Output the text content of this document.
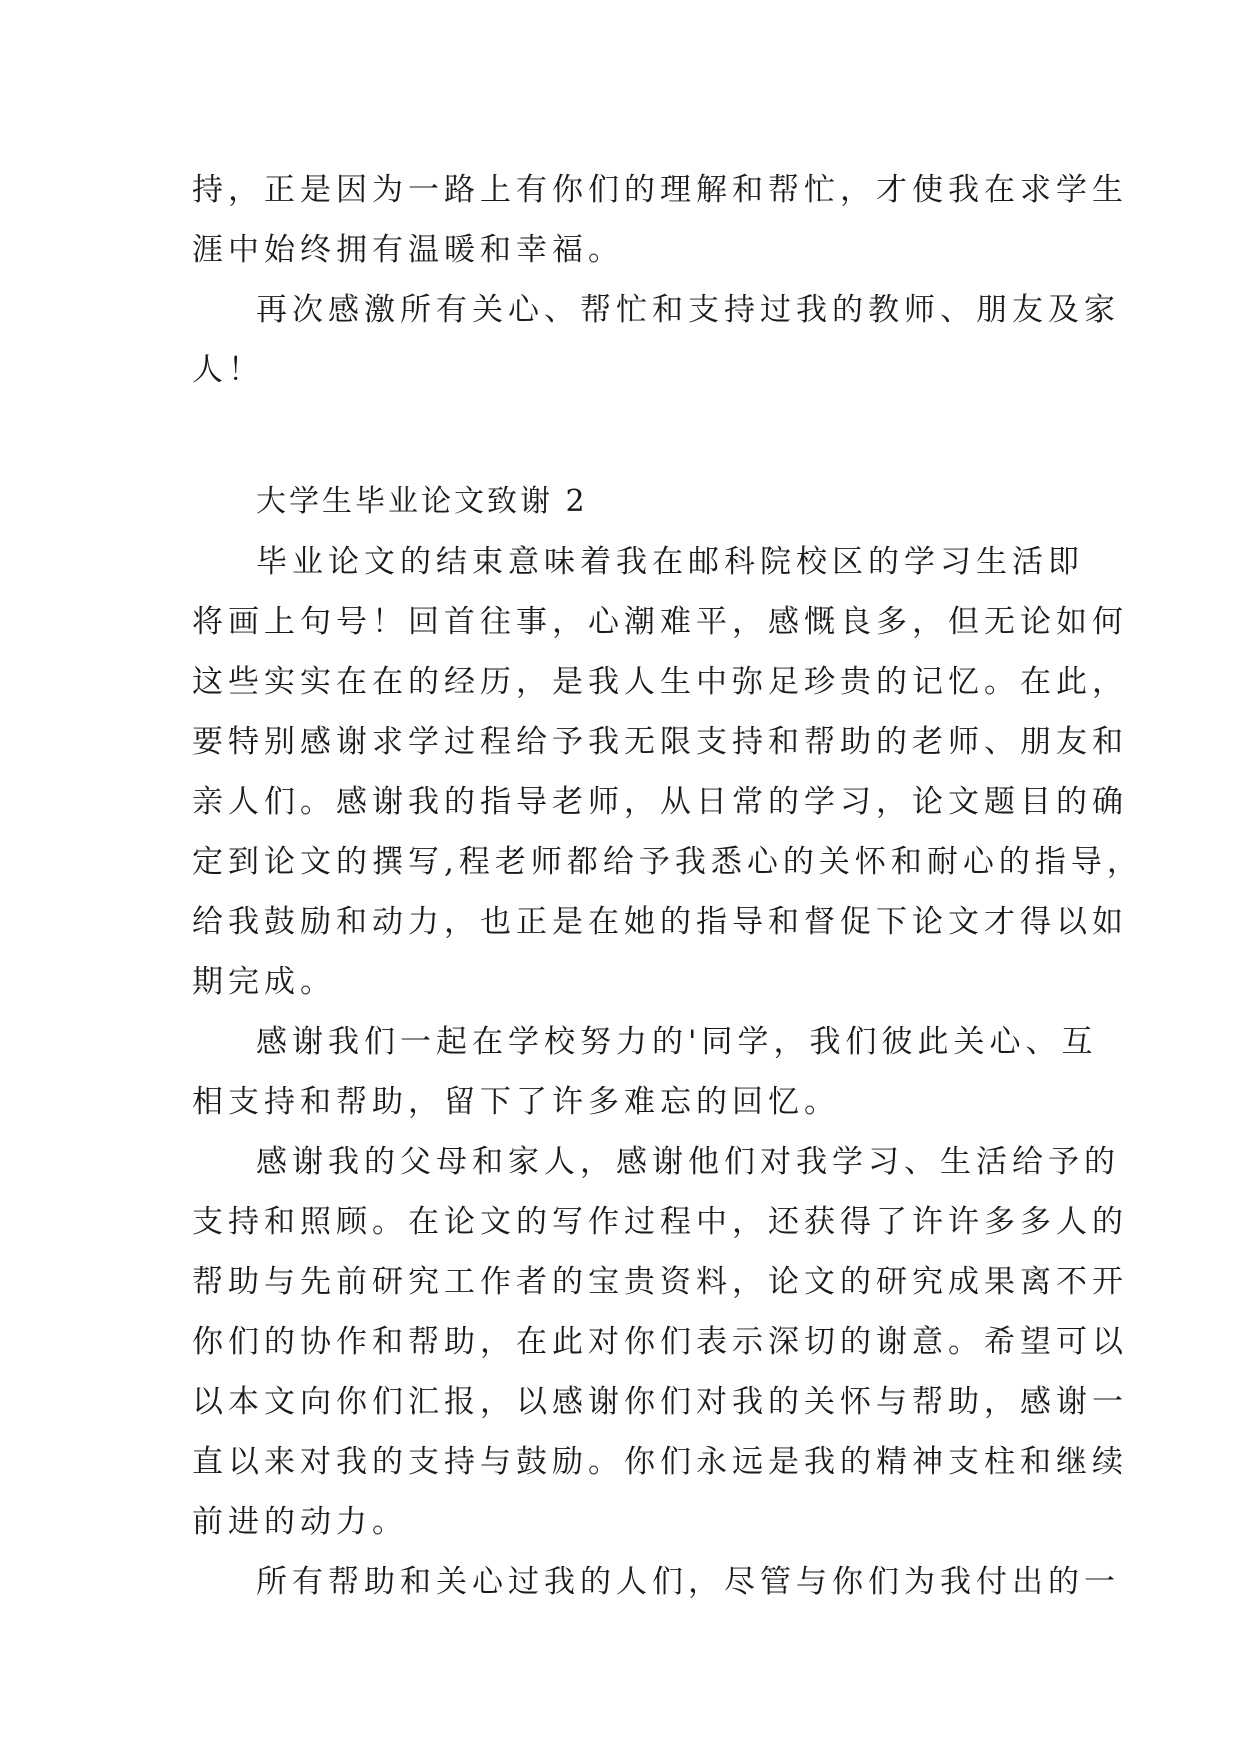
持，正是因为一路上有你们的理解和帮忙，才使我在求学生
涯中始终拥有温暖和幸福。
再次感激所有关心、帮忙和支持过我的教师、朋友及家
人！
大学生毕业论文致谢 2
毕业论文的结束意味着我在邮科院校区的学习生活即
将画上句号！回首往事，心潮难平，感慨良多，但无论如何
这些实实在在的经历，是我人生中弥足珍贵的记忆。在此，
要特别感谢求学过程给予我无限支持和帮助的老师、朋友和
亲人们。感谢我的指导老师，从日常的学习，论文题目的确
定到论文的撰写,程老师都给予我悉心的关怀和耐心的指导，
给我鼓励和动力，也正是在她的指导和督促下论文才得以如
期完成。
感谢我们一起在学校努力的'同学，我们彼此关心、互
相支持和帮助，留下了许多难忘的回忆。
感谢我的父母和家人，感谢他们对我学习、生活给予的
支持和照顾。在论文的写作过程中，还获得了许许多多人的
帮助与先前研究工作者的宝贵资料，论文的研究成果离不开
你们的协作和帮助，在此对你们表示深切的谢意。希望可以
以本文向你们汇报，以感谢你们对我的关怀与帮助，感谢一
直以来对我的支持与鼓励。你们永远是我的精神支柱和继续
前进的动力。
所有帮助和关心过我的人们，尽管与你们为我付出的一
